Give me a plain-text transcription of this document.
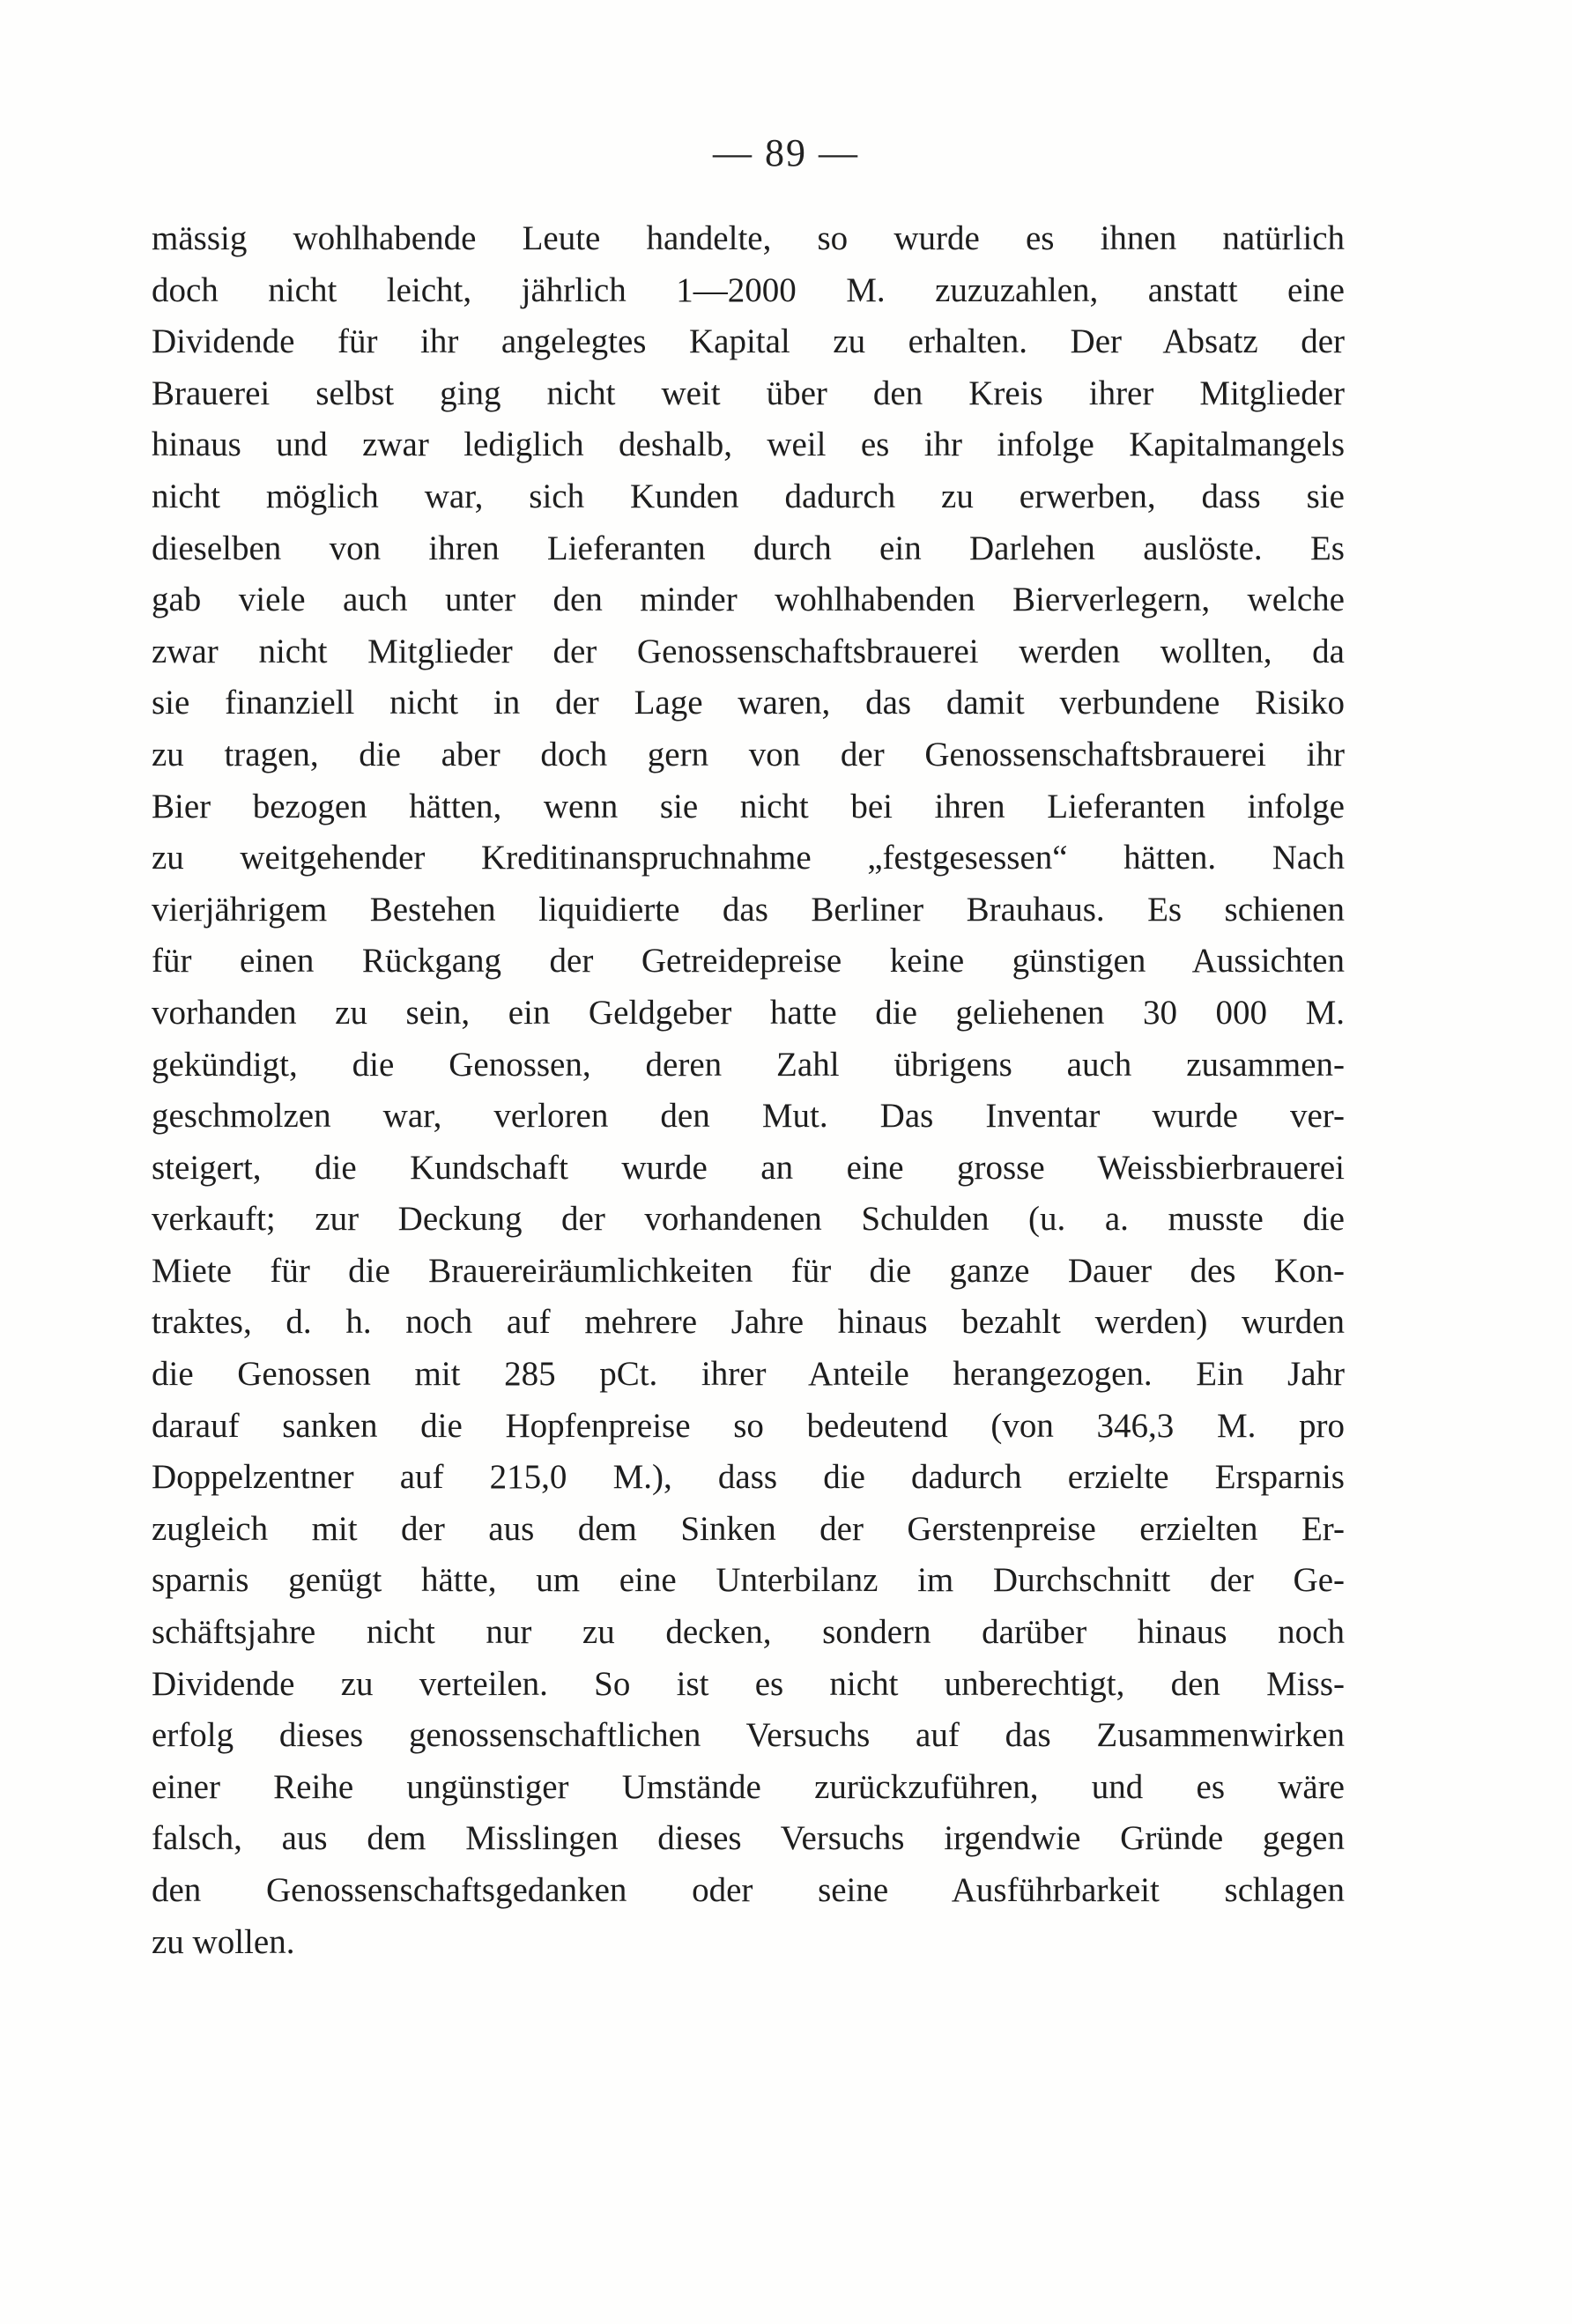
— 89 —
mässig wohlhabende Leute handelte, so wurde es ihnen natürlich
doch nicht leicht, jährlich 1—2000 M. zuzuzahlen, anstatt eine
Dividende für ihr angelegtes Kapital zu erhalten. Der Absatz der
Brauerei selbst ging nicht weit über den Kreis ihrer Mitglieder
hinaus und zwar lediglich deshalb, weil es ihr infolge Kapitalmangels
nicht möglich war, sich Kunden dadurch zu erwerben, dass sie
dieselben von ihren Lieferanten durch ein Darlehen auslöste. Es
gab viele auch unter den minder wohlhabenden Bierverlegern, welche
zwar nicht Mitglieder der Genossenschaftsbrauerei werden wollten, da
sie finanziell nicht in der Lage waren, das damit verbundene Risiko
zu tragen, die aber doch gern von der Genossenschaftsbrauerei ihr
Bier bezogen hätten, wenn sie nicht bei ihren Lieferanten infolge
zu weitgehender Kreditinanspruchnahme „festgesessen“ hätten. Nach
vierjährigem Bestehen liquidierte das Berliner Brauhaus. Es schienen
für einen Rückgang der Getreidepreise keine günstigen Aussichten
vorhanden zu sein, ein Geldgeber hatte die geliehenen 30 000 M.
gekündigt, die Genossen, deren Zahl übrigens auch zusammen-
geschmolzen war, verloren den Mut. Das Inventar wurde ver-
steigert, die Kundschaft wurde an eine grosse Weissbierbrauerei
verkauft; zur Deckung der vorhandenen Schulden (u. a. musste die
Miete für die Brauereiräumlichkeiten für die ganze Dauer des Kon-
traktes, d. h. noch auf mehrere Jahre hinaus bezahlt werden) wurden
die Genossen mit 285 pCt. ihrer Anteile herangezogen. Ein Jahr
darauf sanken die Hopfenpreise so bedeutend (von 346,3 M. pro
Doppelzentner auf 215,0 M.), dass die dadurch erzielte Ersparnis
zugleich mit der aus dem Sinken der Gerstenpreise erzielten Er-
sparnis genügt hätte, um eine Unterbilanz im Durchschnitt der Ge-
schäftsjahre nicht nur zu decken, sondern darüber hinaus noch
Dividende zu verteilen. So ist es nicht unberechtigt, den Miss-
erfolg dieses genossenschaftlichen Versuchs auf das Zusammenwirken
einer Reihe ungünstiger Umstände zurückzuführen, und es wäre
falsch, aus dem Misslingen dieses Versuchs irgendwie Gründe gegen
den Genossenschaftsgedanken oder seine Ausführbarkeit schlagen
zu wollen.
